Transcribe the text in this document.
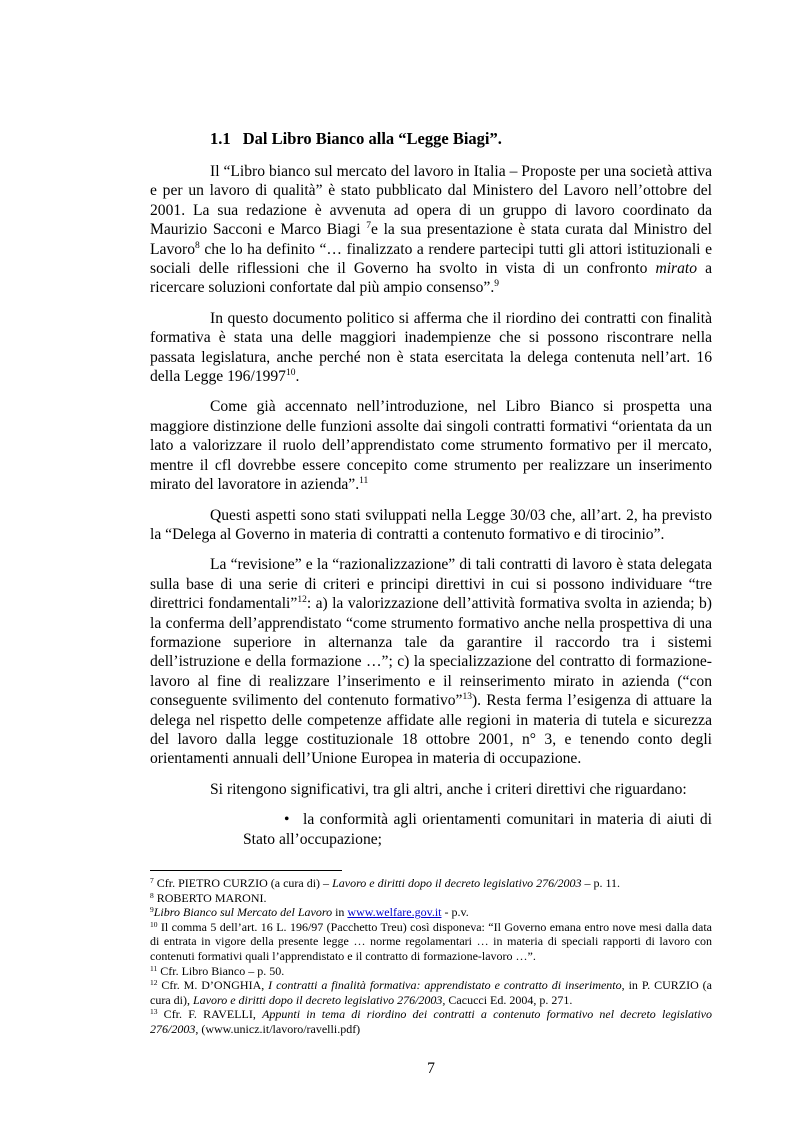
1.1 Dal Libro Bianco alla “Legge Biagi”.

Il “Libro bianco sul mercato del lavoro in Italia – Proposte per una società attiva e per un lavoro di qualità” è stato pubblicato dal Ministero del Lavoro nell’ottobre del 2001. La sua redazione è avvenuta ad opera di un gruppo di lavoro coordinato da Maurizio Sacconi e Marco Biagi $^7$e la sua presentazione è stata curata dal Ministro del Lavoro$^8$ che lo ha definito “… finalizzato a rendere partecipi tutti gli attori istituzionali e sociali delle riflessioni che il Governo ha svolto in vista di un confronto mirato a ricercare soluzioni confortate dal più ampio consenso”.$^9$

In questo documento politico si afferma che il riordino dei contratti con finalità formativa è stata una delle maggiori inadempienze che si possono riscontrare nella passata legislatura, anche perché non è stata esercitata la delega contenuta nell’art. 16 della Legge 196/1997$^{10}$.

Come già accennato nell’introduzione, nel Libro Bianco si prospetta una maggiore distinzione delle funzioni assolte dai singoli contratti formativi “orientata da un lato a valorizzare il ruolo dell’apprendistato come strumento formativo per il mercato, mentre il cfl dovrebbe essere concepito come strumento per realizzare un inserimento mirato del lavoratore in azienda”.$^{11}$

Questi aspetti sono stati sviluppati nella Legge 30/03 che, all’art. 2, ha previsto la “Delega al Governo in materia di contratti a contenuto formativo e di tirocinio”.

La “revisione” e la “razionalizzazione” di tali contratti di lavoro è stata delegata sulla base di una serie di criteri e principi direttivi in cui si possono individuare “tre direttrici fondamentali”$^{12}$: a) la valorizzazione dell’attività formativa svolta in azienda; b) la conferma dell’apprendistato “come strumento formativo anche nella prospettiva di una formazione superiore in alternanza tale da garantire il raccordo tra i sistemi dell’istruzione e della formazione …”; c) la specializzazione del contratto di formazione-lavoro al fine di realizzare l’inserimento e il reinserimento mirato in azienda (“con conseguente svilimento del contenuto formativo”$^{13}$). Resta ferma l’esigenza di attuare la delega nel rispetto delle competenze affidate alle regioni in materia di tutela e sicurezza del lavoro dalla legge costituzionale 18 ottobre 2001, n° 3, e tenendo conto degli orientamenti annuali dell’Unione Europea in materia di occupazione.

Si ritengono significativi, tra gli altri, anche i criteri direttivi che riguardano:

• la conformità agli orientamenti comunitari in materia di aiuti di Stato all’occupazione;

$^7$ Cfr. PIETRO CURZIO (a cura di) – Lavoro e diritti dopo il decreto legislativo 276/2003 – p. 11.

$^8$ ROBERTO MARONI.

$^9$Libro Bianco sul Mercato del Lavoro in www.welfare.gov.it - p.v.

$^{10}$ Il comma 5 dell’art. 16 L. 196/97 (Pacchetto Treu) così disponeva: “Il Governo emana entro nove mesi dalla data di entrata in vigore della presente legge … norme regolamentari … in materia di speciali rapporti di lavoro con contenuti formativi quali l’apprendistato e il contratto di formazione-lavoro …”.

$^{11}$ Cfr. Libro Bianco – p. 50.

$^{12}$ Cfr. M. D’ONGHIA, I contratti a finalità formativa: apprendistato e contratto di inserimento, in P. CURZIO (a cura di), Lavoro e diritti dopo il decreto legislativo 276/2003, Cacucci Ed. 2004, p. 271.

$^{13}$ Cfr. F. RAVELLI, Appunti in tema di riordino dei contratti a contenuto formativo nel decreto legislativo 276/2003, (www.unicz.it/lavoro/ravelli.pdf)

7
